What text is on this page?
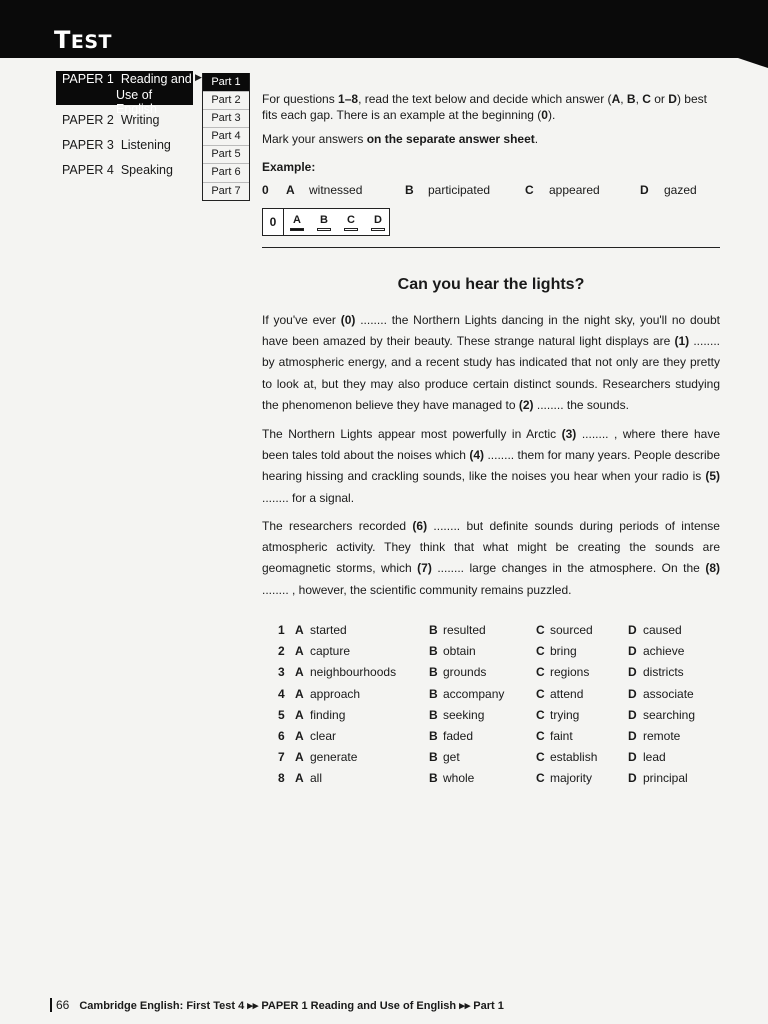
TEST
PAPER 1 Reading and
Use of English
▶
PAPER 2 Writing
PAPER 3 Listening
PAPER 4 Speaking
Part 1
Part 2
Part 3
Part 4
Part 5
Part 6
Part 7
For questions 1–8, read the text below and decide which answer (A, B, C or D) best fits each gap. There is an example at the beginning (0).
Mark your answers on the separate answer sheet.
Example:
0 A witnessed	B participated	C appeared	D gazed
0	A	B	C	D
Can you hear the lights?

If you've ever (0) ........ the Northern Lights dancing in the night sky, you'll no doubt have been amazed by their beauty. These strange natural light displays are (1) ........ by atmospheric energy, and a recent study has indicated that not only are they pretty to look at, but they may also produce certain distinct sounds. Researchers studying the phenomenon believe they have managed to (2) ........ the sounds.

The Northern Lights appear most powerfully in Arctic (3) ........ , where there have been tales told about the noises which (4) ........ them for many years. People describe hearing hissing and crackling sounds, like the noises you hear when your radio is (5) ........ for a signal.

The researchers recorded (6) ........ but definite sounds during periods of intense atmospheric activity. They think that what might be creating the sounds are geomagnetic storms, which (7) ........ large changes in the atmosphere. On the (8) ........ , however, the scientific community remains puzzled.

1 A started	B resulted	C sourced	D caused
2 A capture	B obtain	C bring	D achieve
3 A neighbourhoods	B grounds	C regions	D districts
4 A approach	B accompany	C attend	D associate
5 A finding	B seeking	C trying	D searching
6 A clear	B faded	C faint	D remote
7 A generate	B get	C establish	D lead
8 A all	B whole	C majority	D principal
66 Cambridge English: First Test 4 ▸▸ PAPER 1 Reading and Use of English ▸▸ Part 1
